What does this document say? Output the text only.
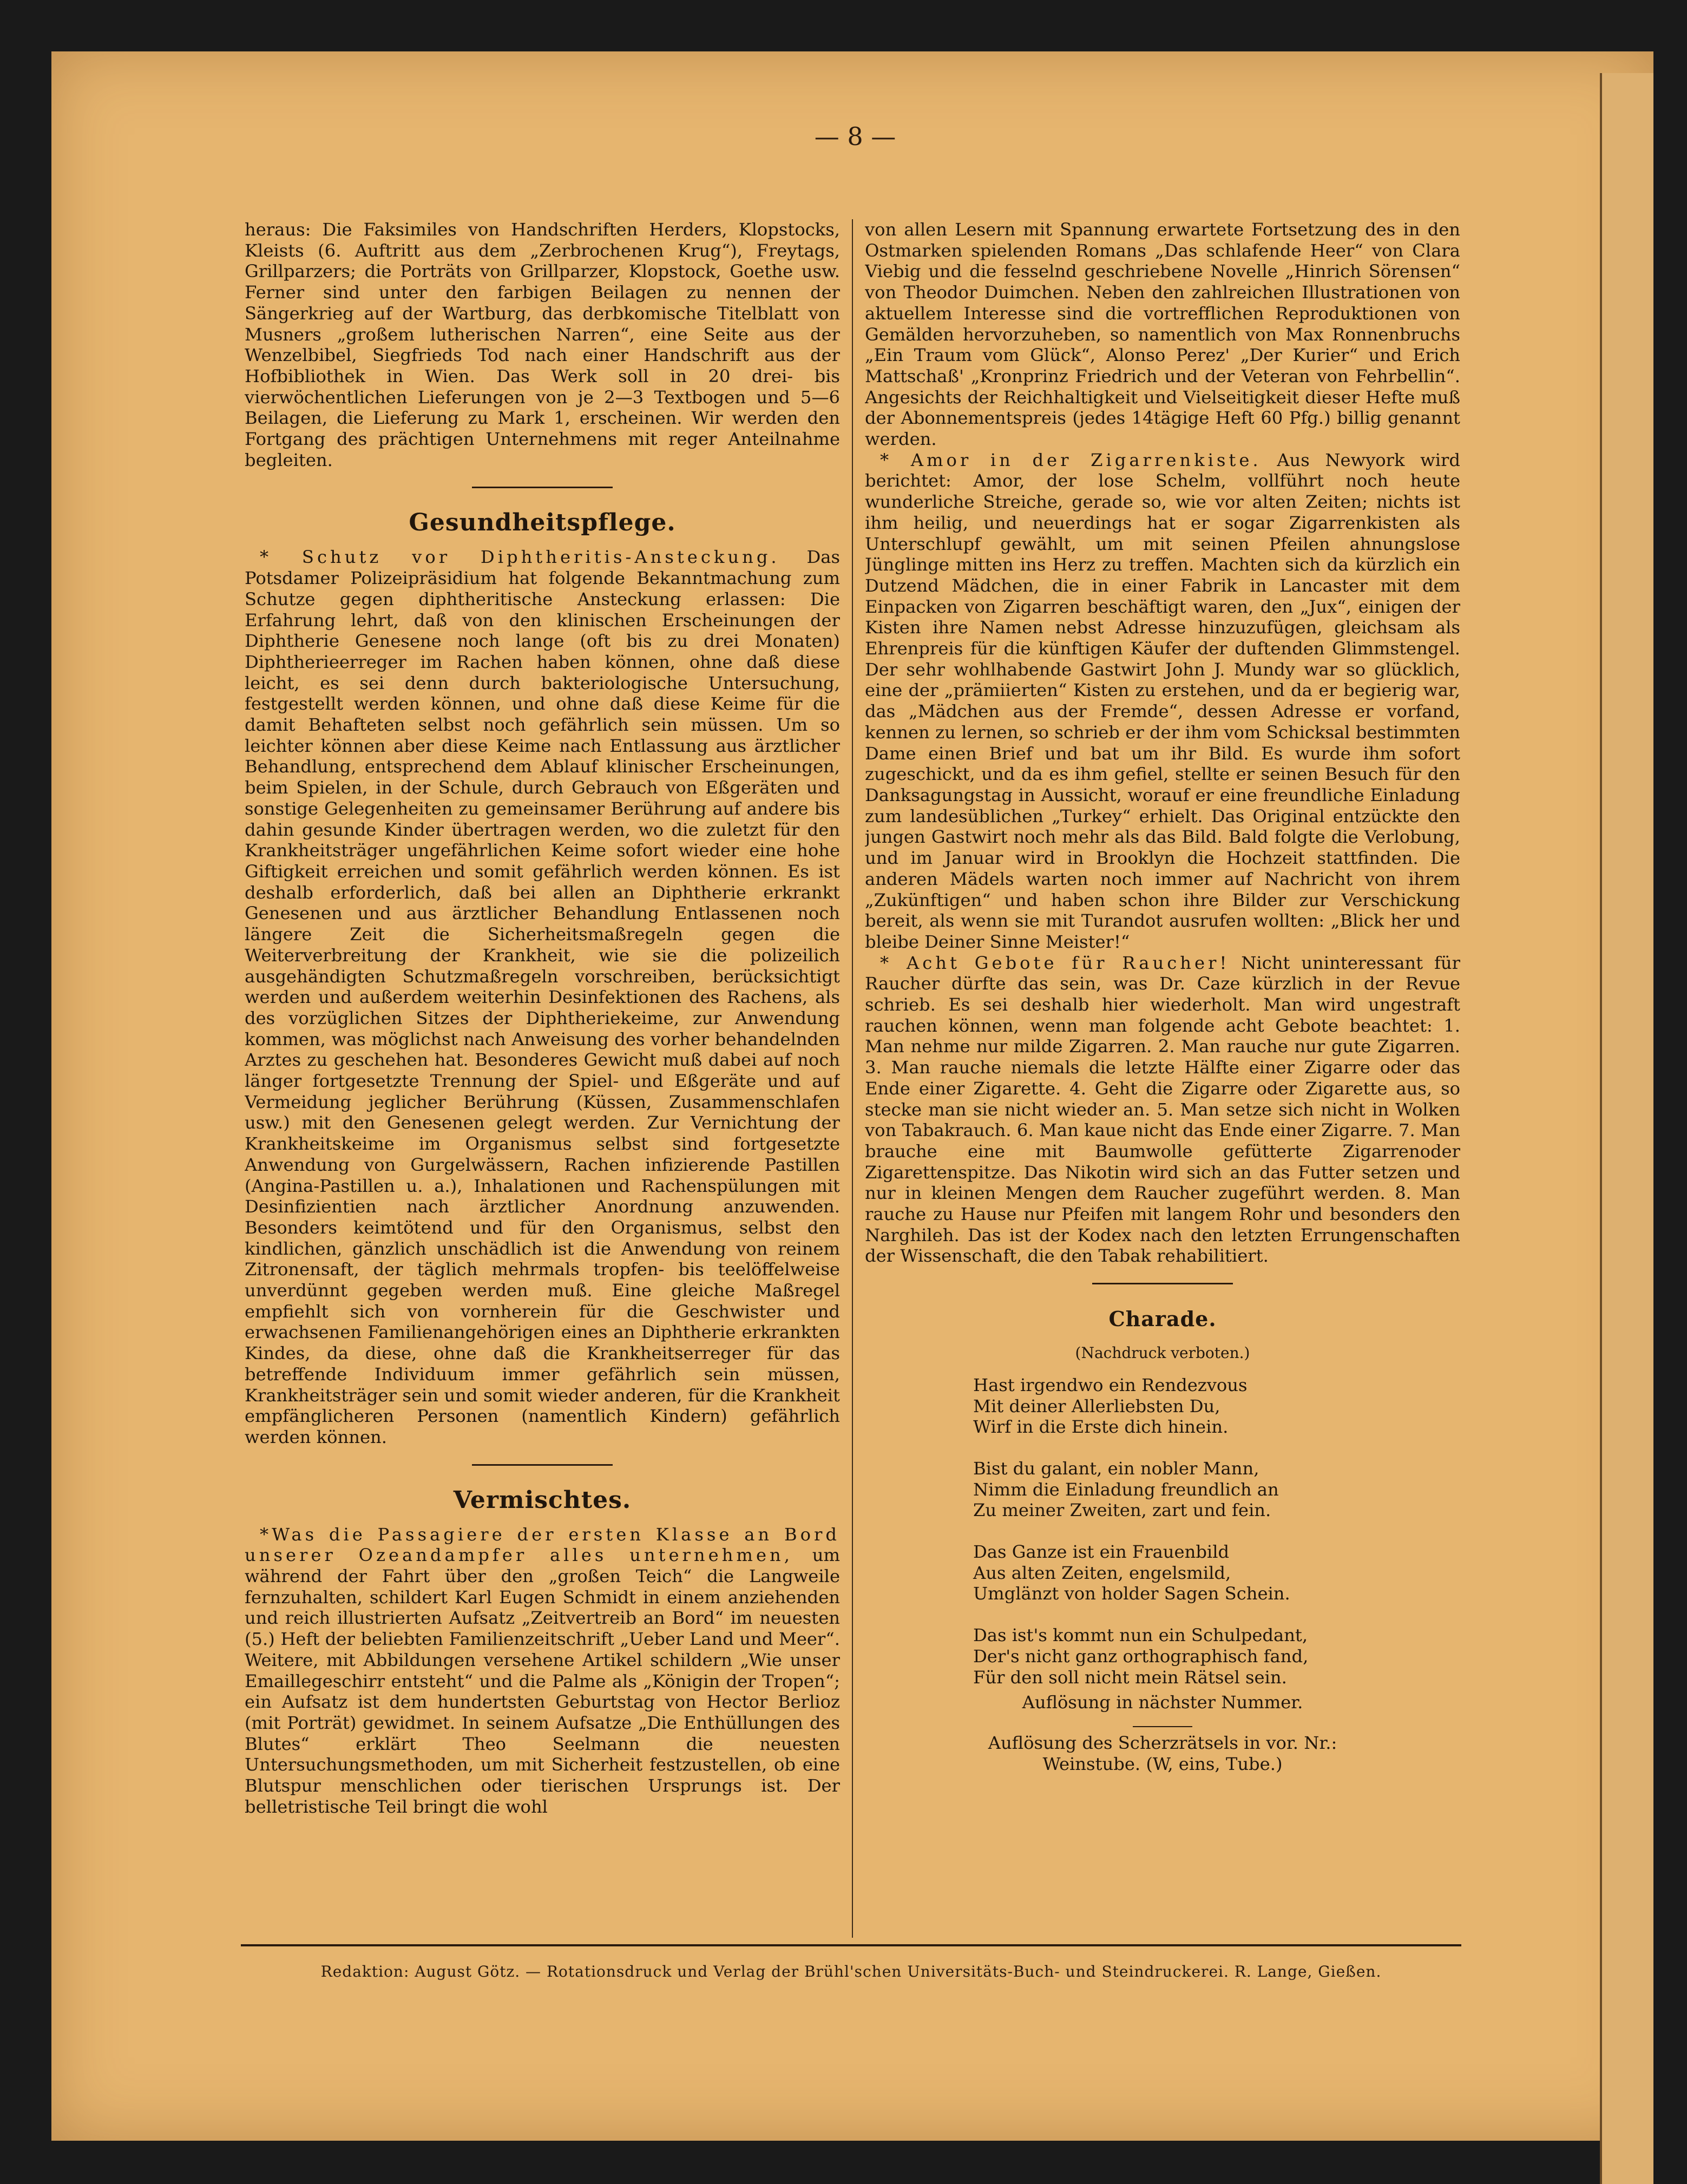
— 8 —

heraus: Die Faksimiles von Handschriften Herders, Klopstocks, Kleists (6. Auftritt aus dem „Zerbrochenen Krug“), Freytags, Grillparzers; die Porträts von Grillparzer, Klopstock, Goethe usw. Ferner sind unter den farbigen Beilagen zu nennen der Sängerkrieg auf der Wartburg, das derbkomische Titelblatt von Musners „großem lutherischen Narren“, eine Seite aus der Wenzelbibel, Siegfrieds Tod nach einer Handschrift aus der Hofbibliothek in Wien. Das Werk soll in 20 drei- bis vierwöchentlichen Lieferungen von je 2—3 Textbogen und 5—6 Beilagen, die Lieferung zu Mark 1, erscheinen. Wir werden den Fortgang des prächtigen Unternehmens mit reger Anteilnahme begleiten.

Gesundheitspflege.

* Schutz vor Diphtheritis-Ansteckung. Das Potsdamer Polizeipräsidium hat folgende Bekanntmachung zum Schutze gegen diphtheritische Ansteckung erlassen: Die Erfahrung lehrt, daß von den klinischen Erscheinungen der Diphtherie Genesene noch lange (oft bis zu drei Monaten) Diphtherieerreger im Rachen haben können, ohne daß diese leicht, es sei denn durch bakteriologische Untersuchung, festgestellt werden können, und ohne daß diese Keime für die damit Behafteten selbst noch gefährlich sein müssen. Um so leichter können aber diese Keime nach Entlassung aus ärztlicher Behandlung, entsprechend dem Ablauf klinischer Erscheinungen, beim Spielen, in der Schule, durch Gebrauch von Eßgeräten und sonstige Gelegenheiten zu gemeinsamer Berührung auf andere bis dahin gesunde Kinder übertragen werden, wo die zuletzt für den Krankheitsträger ungefährlichen Keime sofort wieder eine hohe Giftigkeit erreichen und somit gefährlich werden können. Es ist deshalb erforderlich, daß bei allen an Diphtherie erkrankt Genesenen und aus ärztlicher Behandlung Entlassenen noch längere Zeit die Sicherheitsmaßregeln gegen die Weiterverbreitung der Krankheit, wie sie die polizeilich ausgehändigten Schutzmaßregeln vorschreiben, berücksichtigt werden und außerdem weiterhin Desinfektionen des Rachens, als des vorzüglichen Sitzes der Diphtheriekeime, zur Anwendung kommen, was möglichst nach Anweisung des vorher behandelnden Arztes zu geschehen hat. Besonderes Gewicht muß dabei auf noch länger fortgesetzte Trennung der Spiel- und Eßgeräte und auf Vermeidung jeglicher Berührung (Küssen, Zusammenschlafen usw.) mit den Genesenen gelegt werden. Zur Vernichtung der Krankheitskeime im Organismus selbst sind fortgesetzte Anwendung von Gurgelwässern, Rachen infizierende Pastillen (Angina-Pastillen u. a.), Inhalationen und Rachenspülungen mit Desinfizientien nach ärztlicher Anordnung anzuwenden. Besonders keimtötend und für den Organismus, selbst den kindlichen, gänzlich unschädlich ist die Anwendung von reinem Zitronensaft, der täglich mehrmals tropfen- bis teelöffelweise unverdünnt gegeben werden muß. Eine gleiche Maßregel empfiehlt sich von vornherein für die Geschwister und erwachsenen Familienangehörigen eines an Diphtherie erkrankten Kindes, da diese, ohne daß die Krankheitserreger für das betreffende Individuum immer gefährlich sein müssen, Krankheitsträger sein und somit wieder anderen, für die Krankheit empfänglicheren Personen (namentlich Kindern) gefährlich werden können.

Vermischtes.

*Was die Passagiere der ersten Klasse an Bord unserer Ozeandampfer alles unternehmen, um während der Fahrt über den „großen Teich“ die Langweile fernzuhalten, schildert Karl Eugen Schmidt in einem anziehenden und reich illustrierten Aufsatz „Zeitvertreib an Bord“ im neuesten (5.) Heft der beliebten Familienzeitschrift „Ueber Land und Meer“. Weitere, mit Abbildungen versehene Artikel schildern „Wie unser Emaillegeschirr entsteht“ und die Palme als „Königin der Tropen“; ein Aufsatz ist dem hundertsten Geburtstag von Hector Berlioz (mit Porträt) gewidmet. In seinem Aufsatze „Die Enthüllungen des Blutes“ erklärt Theo Seelmann die neuesten Untersuchungsmethoden, um mit Sicherheit festzustellen, ob eine Blutspur menschlichen oder tierischen Ursprungs ist. Der belletristische Teil bringt die wohl

von allen Lesern mit Spannung erwartete Fortsetzung des in den Ostmarken spielenden Romans „Das schlafende Heer“ von Clara Viebig und die fesselnd geschriebene Novelle „Hinrich Sörensen“ von Theodor Duimchen. Neben den zahlreichen Illustrationen von aktuellem Interesse sind die vortrefflichen Reproduktionen von Gemälden hervorzuheben, so namentlich von Max Ronnenbruchs „Ein Traum vom Glück“, Alonso Perez' „Der Kurier“ und Erich Mattschaß' „Kronprinz Friedrich und der Veteran von Fehrbellin“. Angesichts der Reichhaltigkeit und Vielseitigkeit dieser Hefte muß der Abonnementspreis (jedes 14tägige Heft 60 Pfg.) billig genannt werden.

* Amor in der Zigarrenkiste. Aus Newyork wird berichtet: Amor, der lose Schelm, vollführt noch heute wunderliche Streiche, gerade so, wie vor alten Zeiten; nichts ist ihm heilig, und neuerdings hat er sogar Zigarrenkisten als Unterschlupf gewählt, um mit seinen Pfeilen ahnungslose Jünglinge mitten ins Herz zu treffen. Machten sich da kürzlich ein Dutzend Mädchen, die in einer Fabrik in Lancaster mit dem Einpacken von Zigarren beschäftigt waren, den „Jux“, einigen der Kisten ihre Namen nebst Adresse hinzuzufügen, gleichsam als Ehrenpreis für die künftigen Käufer der duftenden Glimmstengel. Der sehr wohlhabende Gastwirt John J. Mundy war so glücklich, eine der „prämiierten“ Kisten zu erstehen, und da er begierig war, das „Mädchen aus der Fremde“, dessen Adresse er vorfand, kennen zu lernen, so schrieb er der ihm vom Schicksal bestimmten Dame einen Brief und bat um ihr Bild. Es wurde ihm sofort zugeschickt, und da es ihm gefiel, stellte er seinen Besuch für den Danksagungstag in Aussicht, worauf er eine freundliche Einladung zum landesüblichen „Turkey“ erhielt. Das Original entzückte den jungen Gastwirt noch mehr als das Bild. Bald folgte die Verlobung, und im Januar wird in Brooklyn die Hochzeit stattfinden. Die anderen Mädels warten noch immer auf Nachricht von ihrem „Zukünftigen“ und haben schon ihre Bilder zur Verschickung bereit, als wenn sie mit Turandot ausrufen wollten: „Blick her und bleibe Deiner Sinne Meister!“

* Acht Gebote für Raucher! Nicht uninteressant für Raucher dürfte das sein, was Dr. Caze kürzlich in der Revue schrieb. Es sei deshalb hier wiederholt. Man wird ungestraft rauchen können, wenn man folgende acht Gebote beachtet: 1. Man nehme nur milde Zigarren. 2. Man rauche nur gute Zigarren. 3. Man rauche niemals die letzte Hälfte einer Zigarre oder das Ende einer Zigarette. 4. Geht die Zigarre oder Zigarette aus, so stecke man sie nicht wieder an. 5. Man setze sich nicht in Wolken von Tabakrauch. 6. Man kaue nicht das Ende einer Zigarre. 7. Man brauche eine mit Baumwolle gefütterte Zigarrenoder Zigarettenspitze. Das Nikotin wird sich an das Futter setzen und nur in kleinen Mengen dem Raucher zugeführt werden. 8. Man rauche zu Hause nur Pfeifen mit langem Rohr und besonders den Narghileh. Das ist der Kodex nach den letzten Errungenschaften der Wissenschaft, die den Tabak rehabilitiert.

Charade.

(Nachdruck verboten.)

Hast irgendwo ein Rendezvous
Mit deiner Allerliebsten Du,
Wirf in die Erste dich hinein.
Bist du galant, ein nobler Mann,
Nimm die Einladung freundlich an
Zu meiner Zweiten, zart und fein.
Das Ganze ist ein Frauenbild
Aus alten Zeiten, engelsmild,
Umglänzt von holder Sagen Schein.
Das ist's kommt nun ein Schulpedant,
Der's nicht ganz orthographisch fand,
Für den soll nicht mein Rätsel sein.

Auflösung in nächster Nummer.

Auflösung des Scherzrätsels in vor. Nr.:

Weinstube. (W, eins, Tube.)

Redaktion: August Götz. — Rotationsdruck und Verlag der Brühl'schen Universitäts-Buch- und Steindruckerei. R. Lange, Gießen.
